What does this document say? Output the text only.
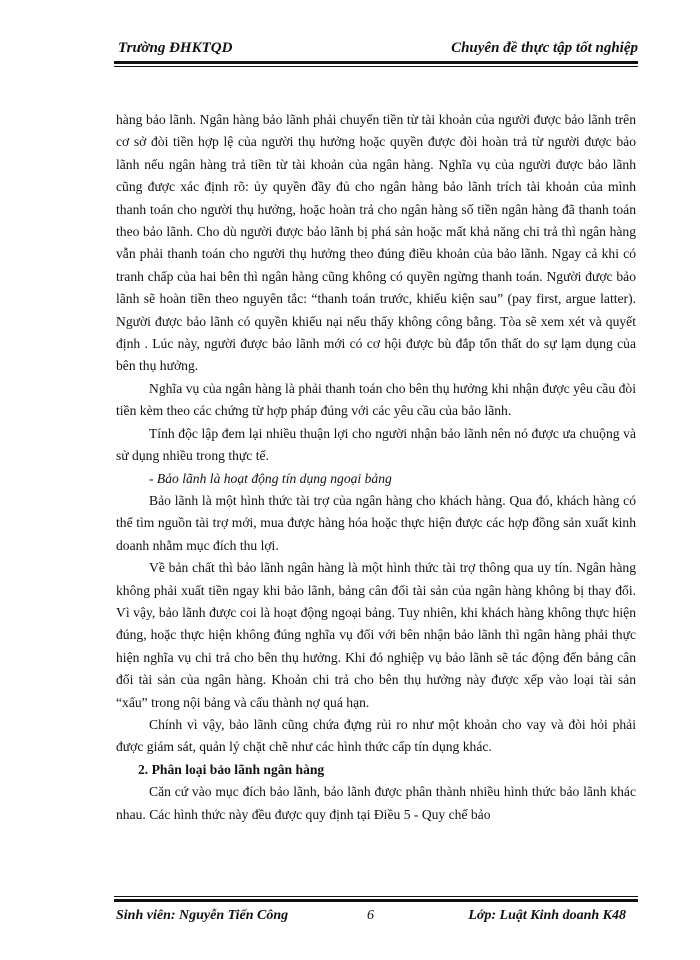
Trường ĐHKTQD	Chuyên đề thực tập tốt nghiệp

hàng bảo lãnh. Ngân hàng bảo lãnh phải chuyển tiền từ tài khoản của người được bảo lãnh trên cơ sở đòi tiền hợp lệ của người thụ hưởng hoặc quyền được đòi hoàn trả từ người được bảo lãnh nếu ngân hàng trả tiền từ tài khoản của ngân hàng. Nghĩa vụ của người được bảo lãnh cũng được xác định rõ: ủy quyền đầy đủ cho ngân hàng bảo lãnh trích tài khoản của mình thanh toán cho người thụ hưởng, hoặc hoàn trả cho ngân hàng số tiền ngân hàng đã thanh toán theo bảo lãnh. Cho dù người được bảo lãnh bị phá sản hoặc mất khả năng chi trả thì ngân hàng vẫn phải thanh toán cho người thụ hưởng theo đúng điều khoản của bảo lãnh. Ngay cả khi có tranh chấp của hai bên thì ngân hàng cũng không có quyền ngừng thanh toán. Người được bảo lãnh sẽ hoàn tiền theo nguyên tắc: “thanh toán trước, khiếu kiện sau” (pay first, argue latter). Người được bảo lãnh có quyền khiếu nại nếu thấy không công bằng. Tòa sẽ xem xét và quyết định . Lúc này, người được bảo lãnh mới có cơ hội được bù đắp tổn thất do sự lạm dụng của bên thụ hưởng.

Nghĩa vụ của ngân hàng là phải thanh toán cho bên thụ hưởng khi nhận được yêu cầu đòi tiền kèm theo các chứng từ hợp pháp đúng với các yêu cầu của bảo lãnh.

Tính độc lập đem lại nhiều thuận lợi cho người nhận bảo lãnh nên nó được ưa chuộng và sử dụng nhiều trong thực tế.

- Bảo lãnh là hoạt động tín dụng ngoại bảng

Bảo lãnh là một hình thức tài trợ của ngân hàng cho khách hàng. Qua đó, khách hàng có thể tìm nguồn tài trợ mới, mua được hàng hóa hoặc thực hiện được các hợp đồng sản xuất kinh doanh nhằm mục đích thu lợi.

Về bản chất thì bảo lãnh ngân hàng là một hình thức tài trợ thông qua uy tín. Ngân hàng không phải xuất tiền ngay khi bảo lãnh, bảng cân đối tài sản của ngân hàng không bị thay đổi. Vì vậy, bảo lãnh được coi là hoạt động ngoại bảng. Tuy nhiên, khi khách hàng không thực hiện đúng, hoặc thực hiện không đúng nghĩa vụ đối với bên nhận bảo lãnh thì ngân hàng phải thực hiện nghĩa vụ chi trả cho bên thụ hưởng. Khi đó nghiệp vụ bảo lãnh sẽ tác động đến bảng cân đối tài sản của ngân hàng. Khoản chi trả cho bên thụ hưởng này được xếp vào loại tài sản “xấu” trong nội bảng và cấu thành nợ quá hạn.

Chính vì vậy, bảo lãnh cũng chứa đựng rủi ro như một khoản cho vay và đòi hỏi phải được giám sát, quản lý chặt chẽ như các hình thức cấp tín dụng khác.

2. Phân loại bảo lãnh ngân hàng

Căn cứ vào mục đích bảo lãnh, bảo lãnh được phân thành nhiều hình thức bảo lãnh khác nhau. Các hình thức này đều được quy định tại Điều 5 - Quy chế bảo

Sinh viên: Nguyễn Tiến Công	6	Lớp: Luật Kinh doanh K48
